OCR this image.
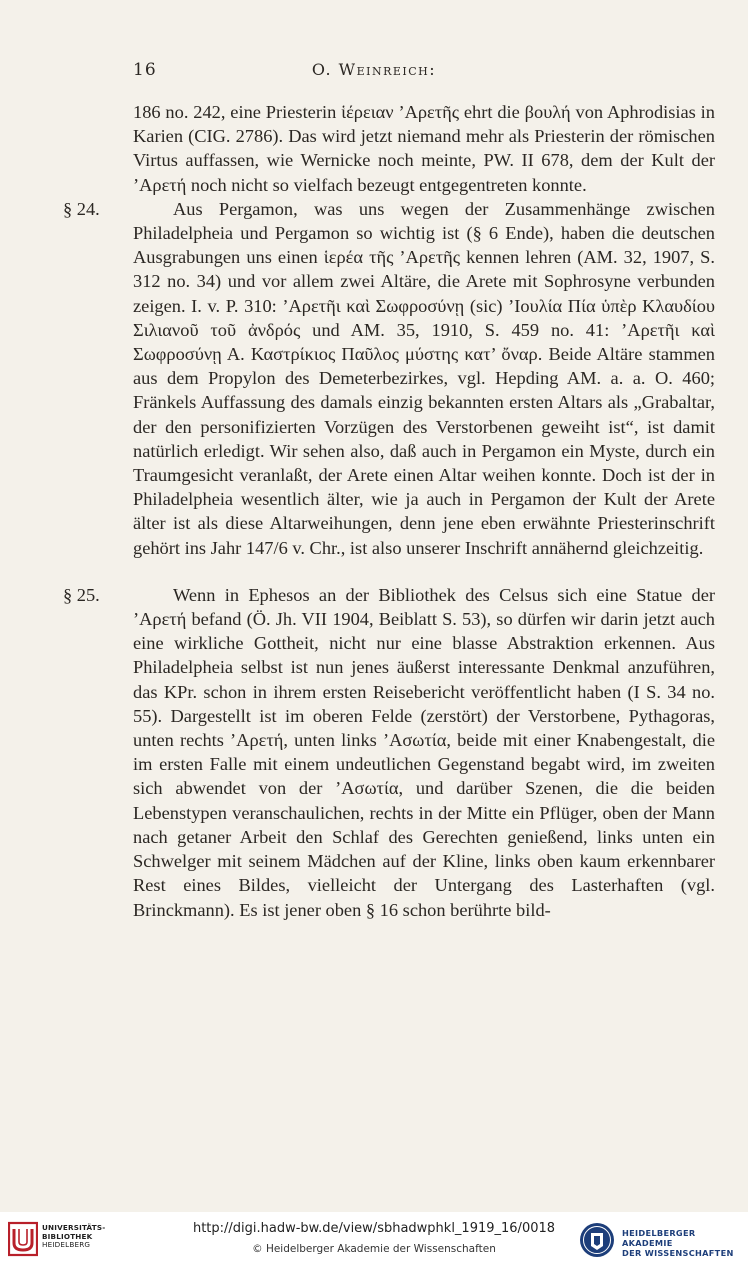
16	O. Weinreich:

186 no. 242, eine Priesterin ἱέρειαν ’Αρετῆς ehrt die βουλή von Aphrodisias in Karien (CIG. 2786). Das wird jetzt niemand mehr als Priesterin der römischen Virtus auffassen, wie Wernicke noch meinte, PW. II 678, dem der Kult der ’Αρετή noch nicht so vielfach bezeugt entgegentreten konnte.

§ 24.	Aus Pergamon, was uns wegen der Zusammenhänge zwischen Philadelpheia und Pergamon so wichtig ist (§ 6 Ende), haben die deutschen Ausgrabungen uns einen ἱερέα τῆς ’Αρετῆς kennen lehren (AM. 32, 1907, S. 312 no. 34) und vor allem zwei Altäre, die Arete mit Sophrosyne verbunden zeigen. I. v. P. 310: ’Αρετῆι καὶ Σωφροσύνῃ (sic) ’Ιουλία Πία ὑπὲρ Κλαυδίου Σιλιανοῦ τοῦ ἀνδρός und AM. 35, 1910, S. 459 no. 41: ’Αρετῆι καὶ Σωφροσύνῃ Α. Καστρίκιος Παῦλος μύστης κατ’ ὄναρ. Beide Altäre stammen aus dem Propylon des Demeterbezirkes, vgl. Hepding AM. a. a. O. 460; Fränkels Auffassung des damals einzig bekannten ersten Altars als „Grabaltar, der den personifizierten Vorzügen des Verstorbenen geweiht ist“, ist damit natürlich erledigt. Wir sehen also, daß auch in Pergamon ein Myste, durch ein Traumgesicht veranlaßt, der Arete einen Altar weihen konnte. Doch ist der in Philadelpheia wesentlich älter, wie ja auch in Pergamon der Kult der Arete älter ist als diese Altarweihungen, denn jene eben erwähnte Priesterinschrift gehört ins Jahr 147/6 v. Chr., ist also unserer Inschrift annähernd gleichzeitig.

§ 25.	Wenn in Ephesos an der Bibliothek des Celsus sich eine Statue der ’Αρετή befand (Ö. Jh. VII 1904, Beiblatt S. 53), so dürfen wir darin jetzt auch eine wirkliche Gottheit, nicht nur eine blasse Abstraktion erkennen. Aus Philadelpheia selbst ist nun jenes äußerst interessante Denkmal anzuführen, das KPr. schon in ihrem ersten Reisebericht veröffentlicht haben (I S. 34 no. 55). Dargestellt ist im oberen Felde (zerstört) der Verstorbene, Pythagoras, unten rechts ’Αρετή, unten links ’Ασωτία, beide mit einer Knabengestalt, die im ersten Falle mit einem undeutlichen Gegenstand begabt wird, im zweiten sich abwendet von der ’Ασωτία, und darüber Szenen, die die beiden Lebenstypen veranschaulichen, rechts in der Mitte ein Pflüger, oben der Mann nach getaner Arbeit den Schlaf des Gerechten genießend, links unten ein Schwelger mit seinem Mädchen auf der Kline, links oben kaum erkennbarer Rest eines Bildes, vielleicht der Untergang des Lasterhaften (vgl. Brinckmann). Es ist jener oben § 16 schon berührte bild-

UNIVERSITÄTS-
BIBLIOTHEK
HEIDELBERG
http://digi.hadw-bw.de/view/sbhadwphkl_1919_16/0018
© Heidelberger Akademie der Wissenschaften
HEIDELBERGER AKADEMIE
DER WISSENSCHAFTEN
